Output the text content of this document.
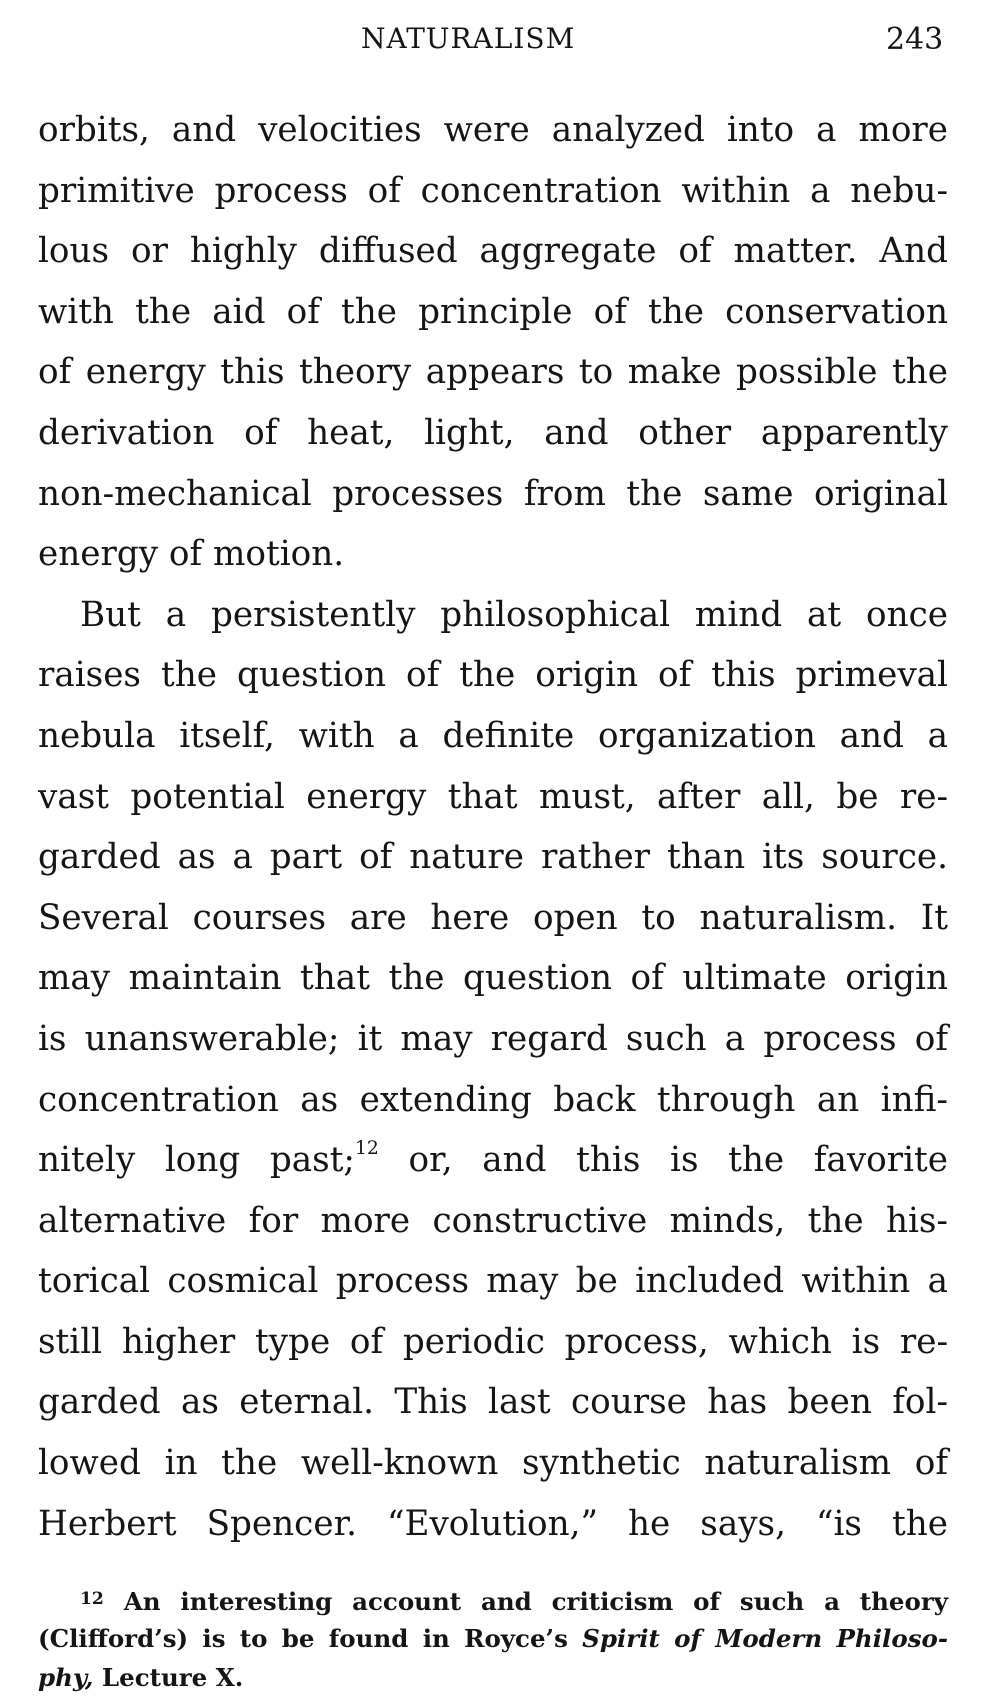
NATURALISM	243
orbits, and velocities were analyzed into a more
primitive process of concentration within a nebu-
lous or highly diffused aggregate of matter. And
with the aid of the principle of the conservation
of energy this theory appears to make possible the
derivation of heat, light, and other apparently
non-mechanical processes from the same original
energy of motion.
But a persistently philosophical mind at once
raises the question of the origin of this primeval
nebula itself, with a definite organization and a
vast potential energy that must, after all, be re-
garded as a part of nature rather than its source.
Several courses are here open to naturalism. It
may maintain that the question of ultimate origin
is unanswerable; it may regard such a process of
concentration as extending back through an infi-
nitely long past;$^{12}$ or, and this is the favorite
alternative for more constructive minds, the his-
torical cosmical process may be included within a
still higher type of periodic process, which is re-
garded as eternal. This last course has been fol-
lowed in the well-known synthetic naturalism of
Herbert Spencer. “Evolution,” he says, “is the
$^{12}$ An interesting account and criticism of such a theory
(Clifford’s) is to be found in Royce’s Spirit of Modern Philoso-
phy, Lecture X.
